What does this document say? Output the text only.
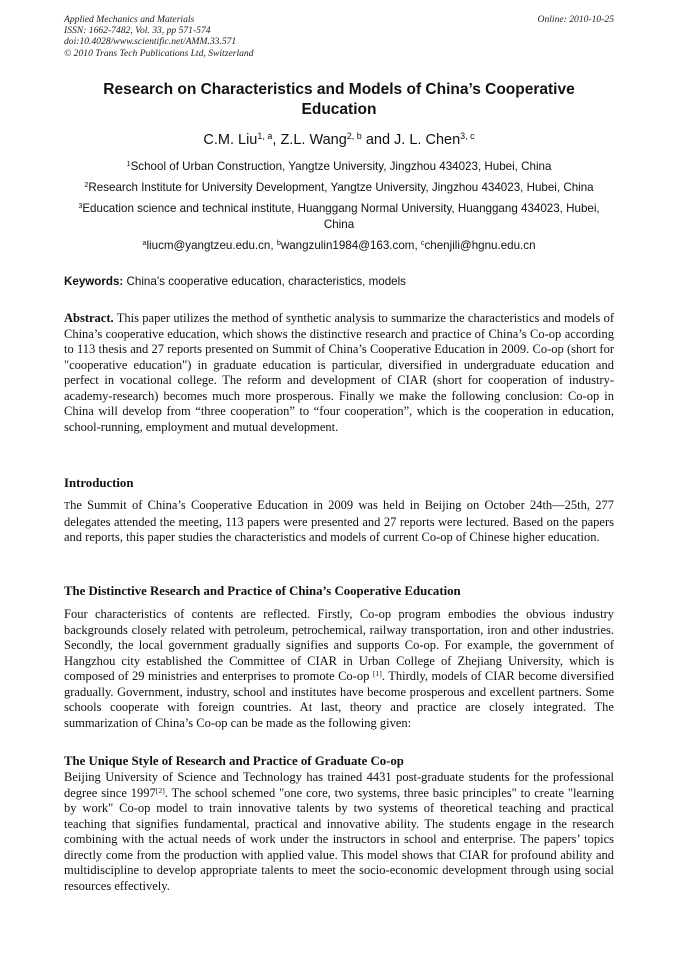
Applied Mechanics and Materials
ISSN: 1662-7482, Vol. 33, pp 571-574
doi:10.4028/www.scientific.net/AMM.33.571
© 2010 Trans Tech Publications Ltd, Switzerland
Online: 2010-10-25
Research on Characteristics and Models of China’s Cooperative Education
C.M. Liu$^{1, a}$, Z.L. Wang$^{2, b}$ and J. L. Chen$^{3, c}$
$^1$School of Urban Construction, Yangtze University, Jingzhou 434023, Hubei, China
$^2$Research Institute for University Development, Yangtze University, Jingzhou 434023, Hubei, China
$^3$Education science and technical institute, Huanggang Normal University, Huanggang 434023, Hubei, China
$^a$liucm@yangtzeu.edu.cn, $^b$wangzulin1984@163.com, $^c$chenjili@hgnu.edu.cn
Keywords: China’s cooperative education, characteristics, models
Abstract. This paper utilizes the method of synthetic analysis to summarize the characteristics and models of China’s cooperative education, which shows the distinctive research and practice of China’s Co-op according to 113 thesis and 27 reports presented on Summit of China’s Cooperative Education in 2009. Co-op (short for "cooperative education") in graduate education is particular, diversified in undergraduate education and perfect in vocational college. The reform and development of CIAR (short for cooperation of industry-academy-research) becomes much more prosperous. Finally we make the following conclusion: Co-op in China will develop from “three cooperation” to “four cooperation”, which is the cooperation in education, school-running, employment and mutual development.
Introduction
The Summit of China’s Cooperative Education in 2009 was held in Beijing on October 24th—25th, 277 delegates attended the meeting, 113 papers were presented and 27 reports were lectured. Based on the papers and reports, this paper studies the characteristics and models of current Co-op of Chinese higher education.
The Distinctive Research and Practice of China’s Cooperative Education
Four characteristics of contents are reflected. Firstly, Co-op program embodies the obvious industry backgrounds closely related with petroleum, petrochemical, railway transportation, iron and other industries. Secondly, the local government gradually signifies and supports Co-op. For example, the government of Hangzhou city established the Committee of CIAR in Urban College of Zhejiang University, which is composed of 29 ministries and enterprises to promote Co-op [1]. Thirdly, models of CIAR become diversified gradually. Government, industry, school and institutes have become prosperous and excellent partners. Some schools cooperate with foreign countries. At last, theory and practice are closely integrated. The summarization of China’s Co-op can be made as the following given:
The Unique Style of Research and Practice of Graduate Co-op
Beijing University of Science and Technology has trained 4431 post-graduate students for the professional degree since 1997[2]. The school schemed "one core, two systems, three basic principles" to create "learning by work" Co-op model to train innovative talents by two systems of theoretical teaching and practical teaching that signifies fundamental, practical and innovative ability. The students engage in the research combining with the actual needs of work under the instructors in school and enterprise. The papers’ topics directly come from the production with applied value. This model shows that CIAR for profound ability and multidiscipline to develop appropriate talents to meet the socio-economic development through using social resources effectively.
